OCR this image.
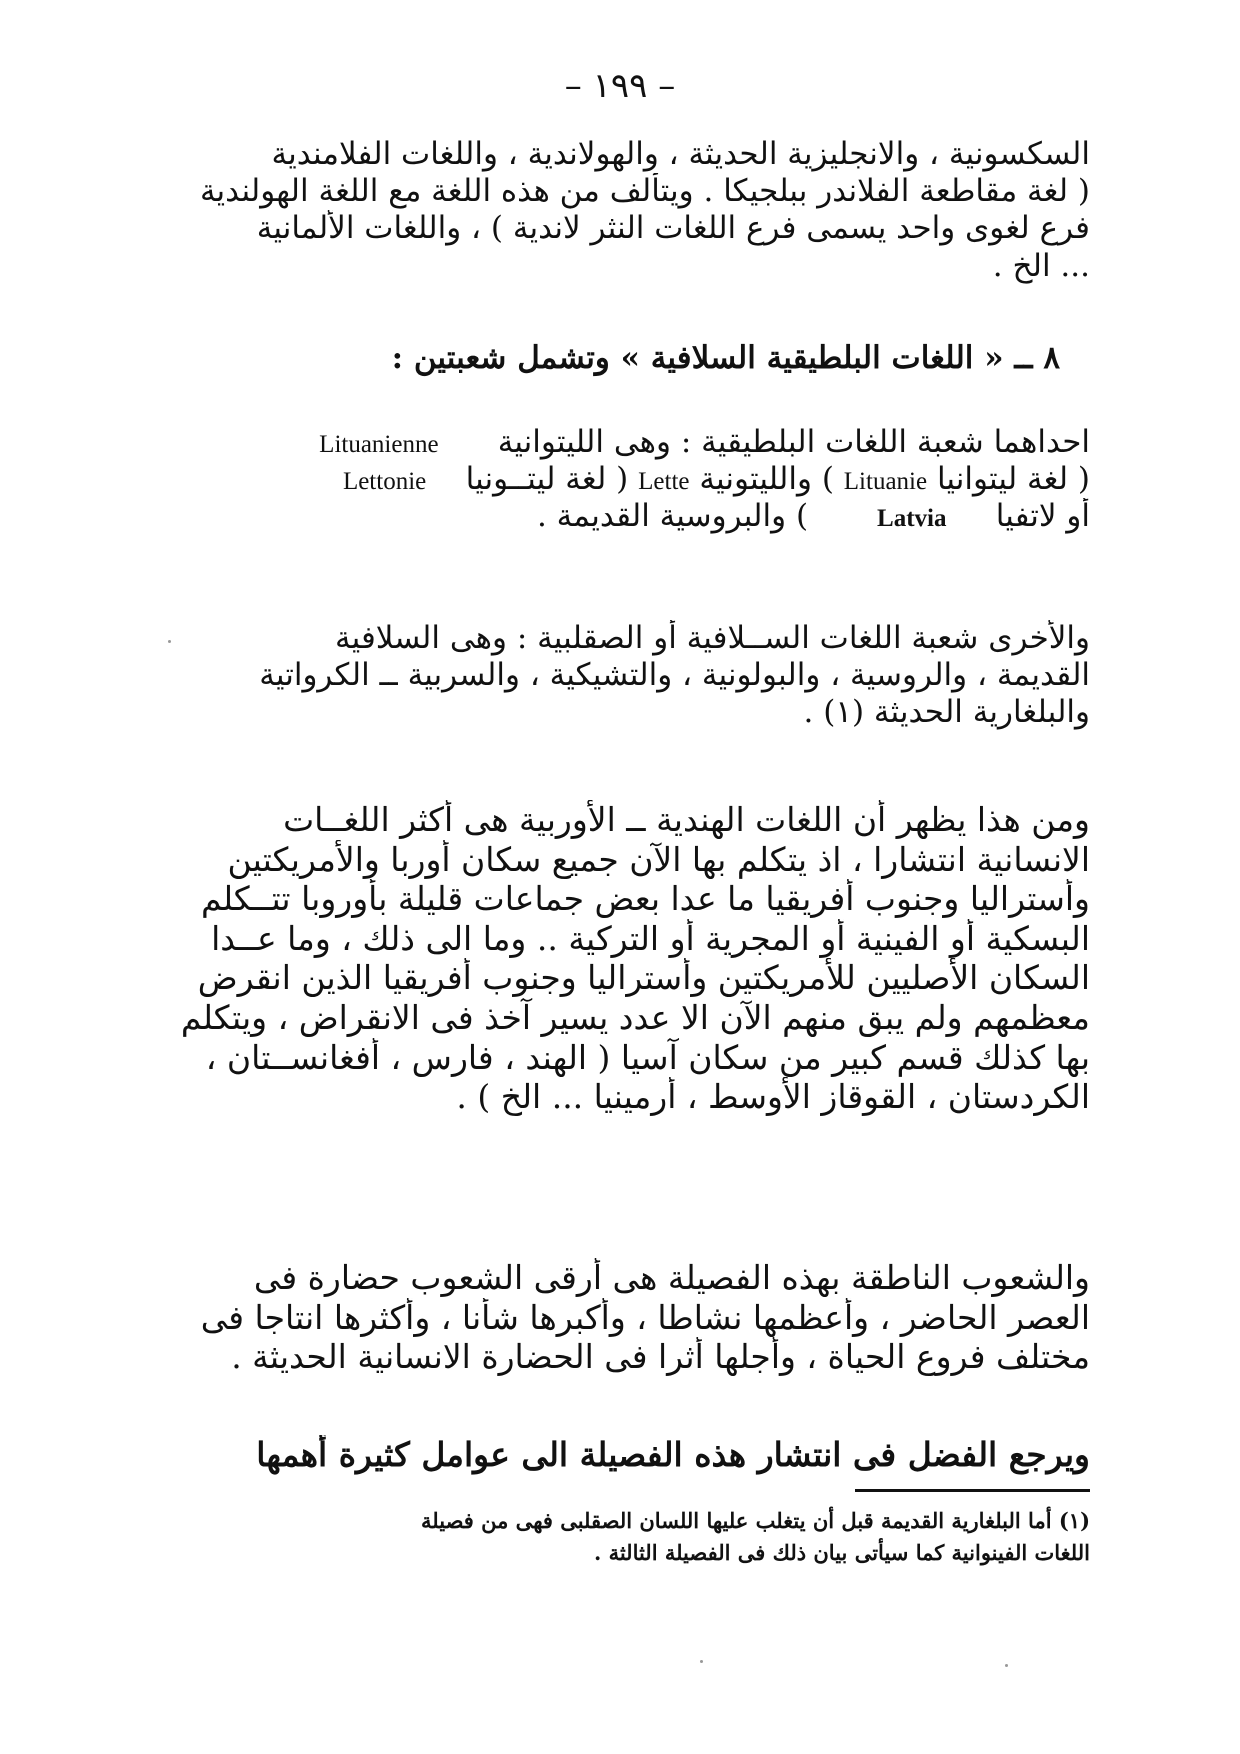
– ١٩٩ –
السكسونية ، والانجليزية الحديثة ، والهولاندية ، واللغات الفلامندية
( لغة مقاطعة الفلاندر ببلجيكا . ويتألف من هذه اللغة مع اللغة الهولندية
فرع لغوى واحد يسمى فرع اللغات النثر لاندية ) ، واللغات الألمانية
... الخ .
٨ ــ « اللغات البلطيقية السلافية » وتشمل شعبتين :
احداهما شعبة اللغات البلطيقية : وهى الليتوانية      Lituanienne
( لغة ليتوانيا Lituanie ) والليتونية Lette ( لغة ليتــونيا    Lettonie
أو لاتفيا     Latvia       ) والبروسية القديمة .
والأخرى شعبة اللغات الســلافية أو الصقلبية : وهى السلافية
القديمة ، والروسية ، والبولونية ، والتشيكية ، والسربية ــ الكرواتية
والبلغارية الحديثة (١) .
ومن هذا يظهر أن اللغات الهندية ــ الأوربية هى أكثر اللغــات
الانسانية انتشارا ، اذ يتكلم بها الآن جميع سكان أوربا والأمريكتين
وأستراليا وجنوب أفريقيا ما عدا بعض جماعات قليلة بأوروبا تتــكلم
البسكية أو الفينية أو المجرية أو التركية .. وما الى ذلك ، وما عــدا
السكان الأصليين للأمريكتين وأستراليا وجنوب أفريقيا الذين انقرض
معظمهم ولم يبق منهم الآن الا عدد يسير آخذ فى الانقراض ، ويتكلم
بها كذلك قسم كبير من سكان آسيا ( الهند ، فارس ، أفغانســتان ،
الكردستان ، القوقاز الأوسط ، أرمينيا ... الخ ) .
والشعوب الناطقة بهذه الفصيلة هى أرقى الشعوب حضارة فى
العصر الحاضر ، وأعظمها نشاطا ، وأكبرها شأنا ، وأكثرها انتاجا فى
مختلف فروع الحياة ، وأجلها أثرا فى الحضارة الانسانية الحديثة .
ويرجع الفضل فى انتشار هذه الفصيلة الى عوامل كثيرة أهمها
(١) أما البلغارية القديمة قبل أن يتغلب عليها اللسان الصقلبى فهى من فصيلة
اللغات الفينوانية كما سيأتى بيان ذلك فى الفصيلة الثالثة .
